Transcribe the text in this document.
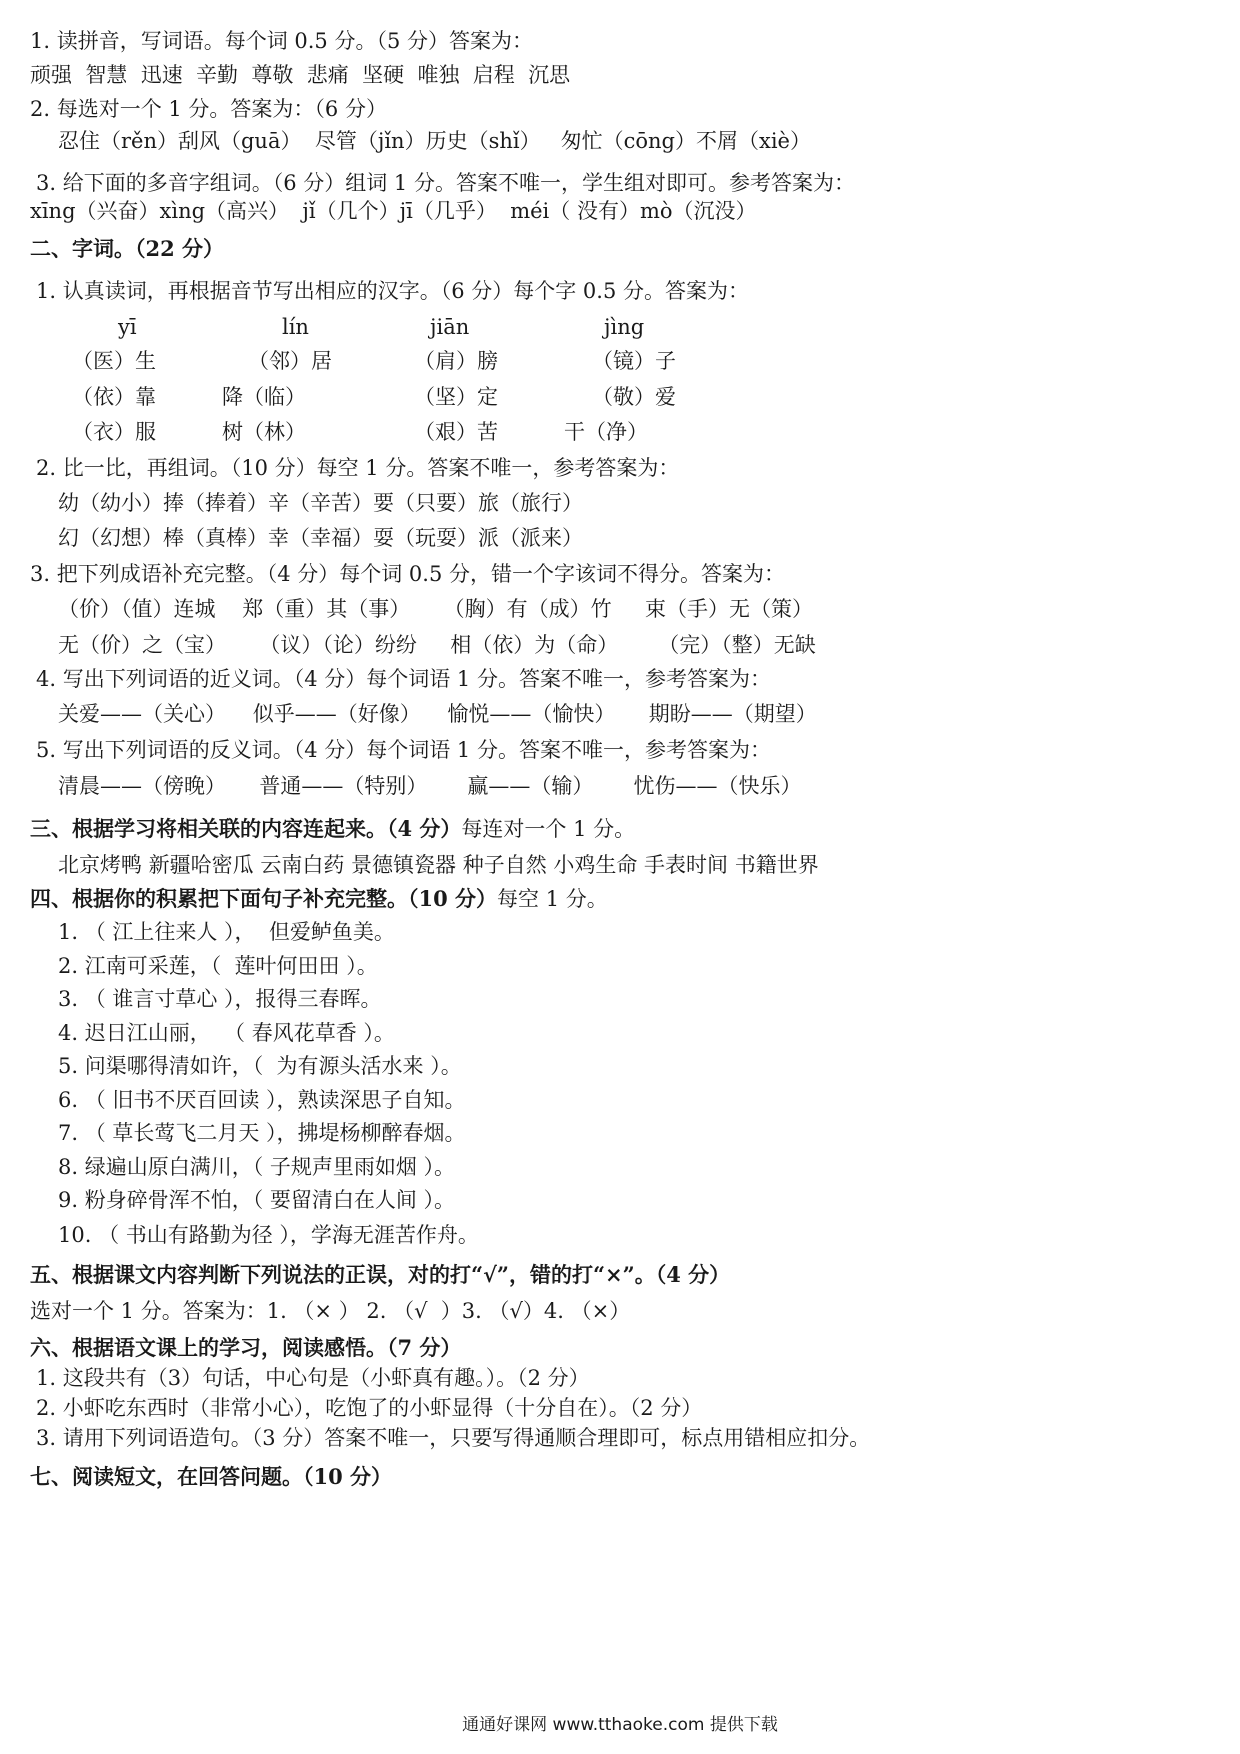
1. 读拼音，写词语。每个词 0.5 分。（5 分）答案为：
顽强  智慧  迅速  辛勤  尊敬  悲痛  坚硬  唯独  启程  沉思
2. 每选对一个 1 分。答案为：（6 分）
忍住（rěn）刮风（guā）  尽管（jǐn）历史（shǐ）   匆忙（cōng）不屑（xiè）
3. 给下面的多音字组词。（6 分）组词 1 分。答案不唯一，学生组对即可。参考答案为：
xīng（兴奋）xìng（高兴）  jǐ（几个）jī（几乎）  méi（ 没有）mò（沉没）
二、字词。（22 分）
1. 认真读词，再根据音节写出相应的汉字。（6 分）每个字 0.5 分。答案为：
yī	lín	jiān	jìng
（医）生	（邻）居	（肩）膀	（镜）子
（依）靠	降（临）	（坚）定	（敬）爱
（衣）服	树（林）	（艰）苦	干（净）
2. 比一比，再组词。（10 分）每空 1 分。答案不唯一，参考答案为：
幼（幼小）捧（捧着）辛（辛苦）要（只要）旅（旅行）
幻（幻想）棒（真棒）幸（幸福）耍（玩耍）派（派来）
3. 把下列成语补充完整。（4 分）每个词 0.5 分，错一个字该词不得分。答案为：
（价）（值）连城    郑（重）其（事）     （胸）有（成）竹     束（手）无（策）
无（价）之（宝）     （议）（论）纷纷     相（依）为（命）      （完）（整）无缺
4. 写出下列词语的近义词。（4 分）每个词语 1 分。答案不唯一，参考答案为：
关爱——（关心）    似乎——（好像）    愉悦——（愉快）     期盼——（期望）
5. 写出下列词语的反义词。（4 分）每个词语 1 分。答案不唯一，参考答案为：
清晨——（傍晚）     普通——（特别）      赢——（输）      忧伤——（快乐）
三、根据学习将相关联的内容连起来。（4 分）每连对一个 1 分。
北京烤鸭 新疆哈密瓜 云南白药 景德镇瓷器 种子自然 小鸡生命 手表时间 书籍世界
四、根据你的积累把下面句子补充完整。（10 分）每空 1 分。
1. （ 江上往来人 ），  但爱鲈鱼美。
2. 江南可采莲，（  莲叶何田田 ）。
3. （ 谁言寸草心 ），报得三春晖。
4. 迟日江山丽，  （ 春风花草香 ）。
5. 问渠哪得清如许，（  为有源头活水来 ）。
6. （ 旧书不厌百回读 ），熟读深思子自知。
7. （ 草长莺飞二月天 ），拂堤杨柳醉春烟。
8. 绿遍山原白满川，（ 子规声里雨如烟 ）。
9. 粉身碎骨浑不怕，（ 要留清白在人间 ）。
10. （ 书山有路勤为径 ），学海无涯苦作舟。
五、根据课文内容判断下列说法的正误，对的打“√”，错的打“×”。（4 分）
选对一个 1 分。答案为：1. （× ） 2. （√  ）3. （√）4. （×）
六、根据语文课上的学习，阅读感悟。（7 分）
1. 这段共有（3）句话，中心句是（小虾真有趣。）。（2 分）
2. 小虾吃东西时（非常小心），吃饱了的小虾显得（十分自在）。（2 分）
3. 请用下列词语造句。（3 分）答案不唯一，只要写得通顺合理即可，标点用错相应扣分。
七、阅读短文，在回答问题。（10 分）
通通好课网 www.tthaoke.com 提供下载
